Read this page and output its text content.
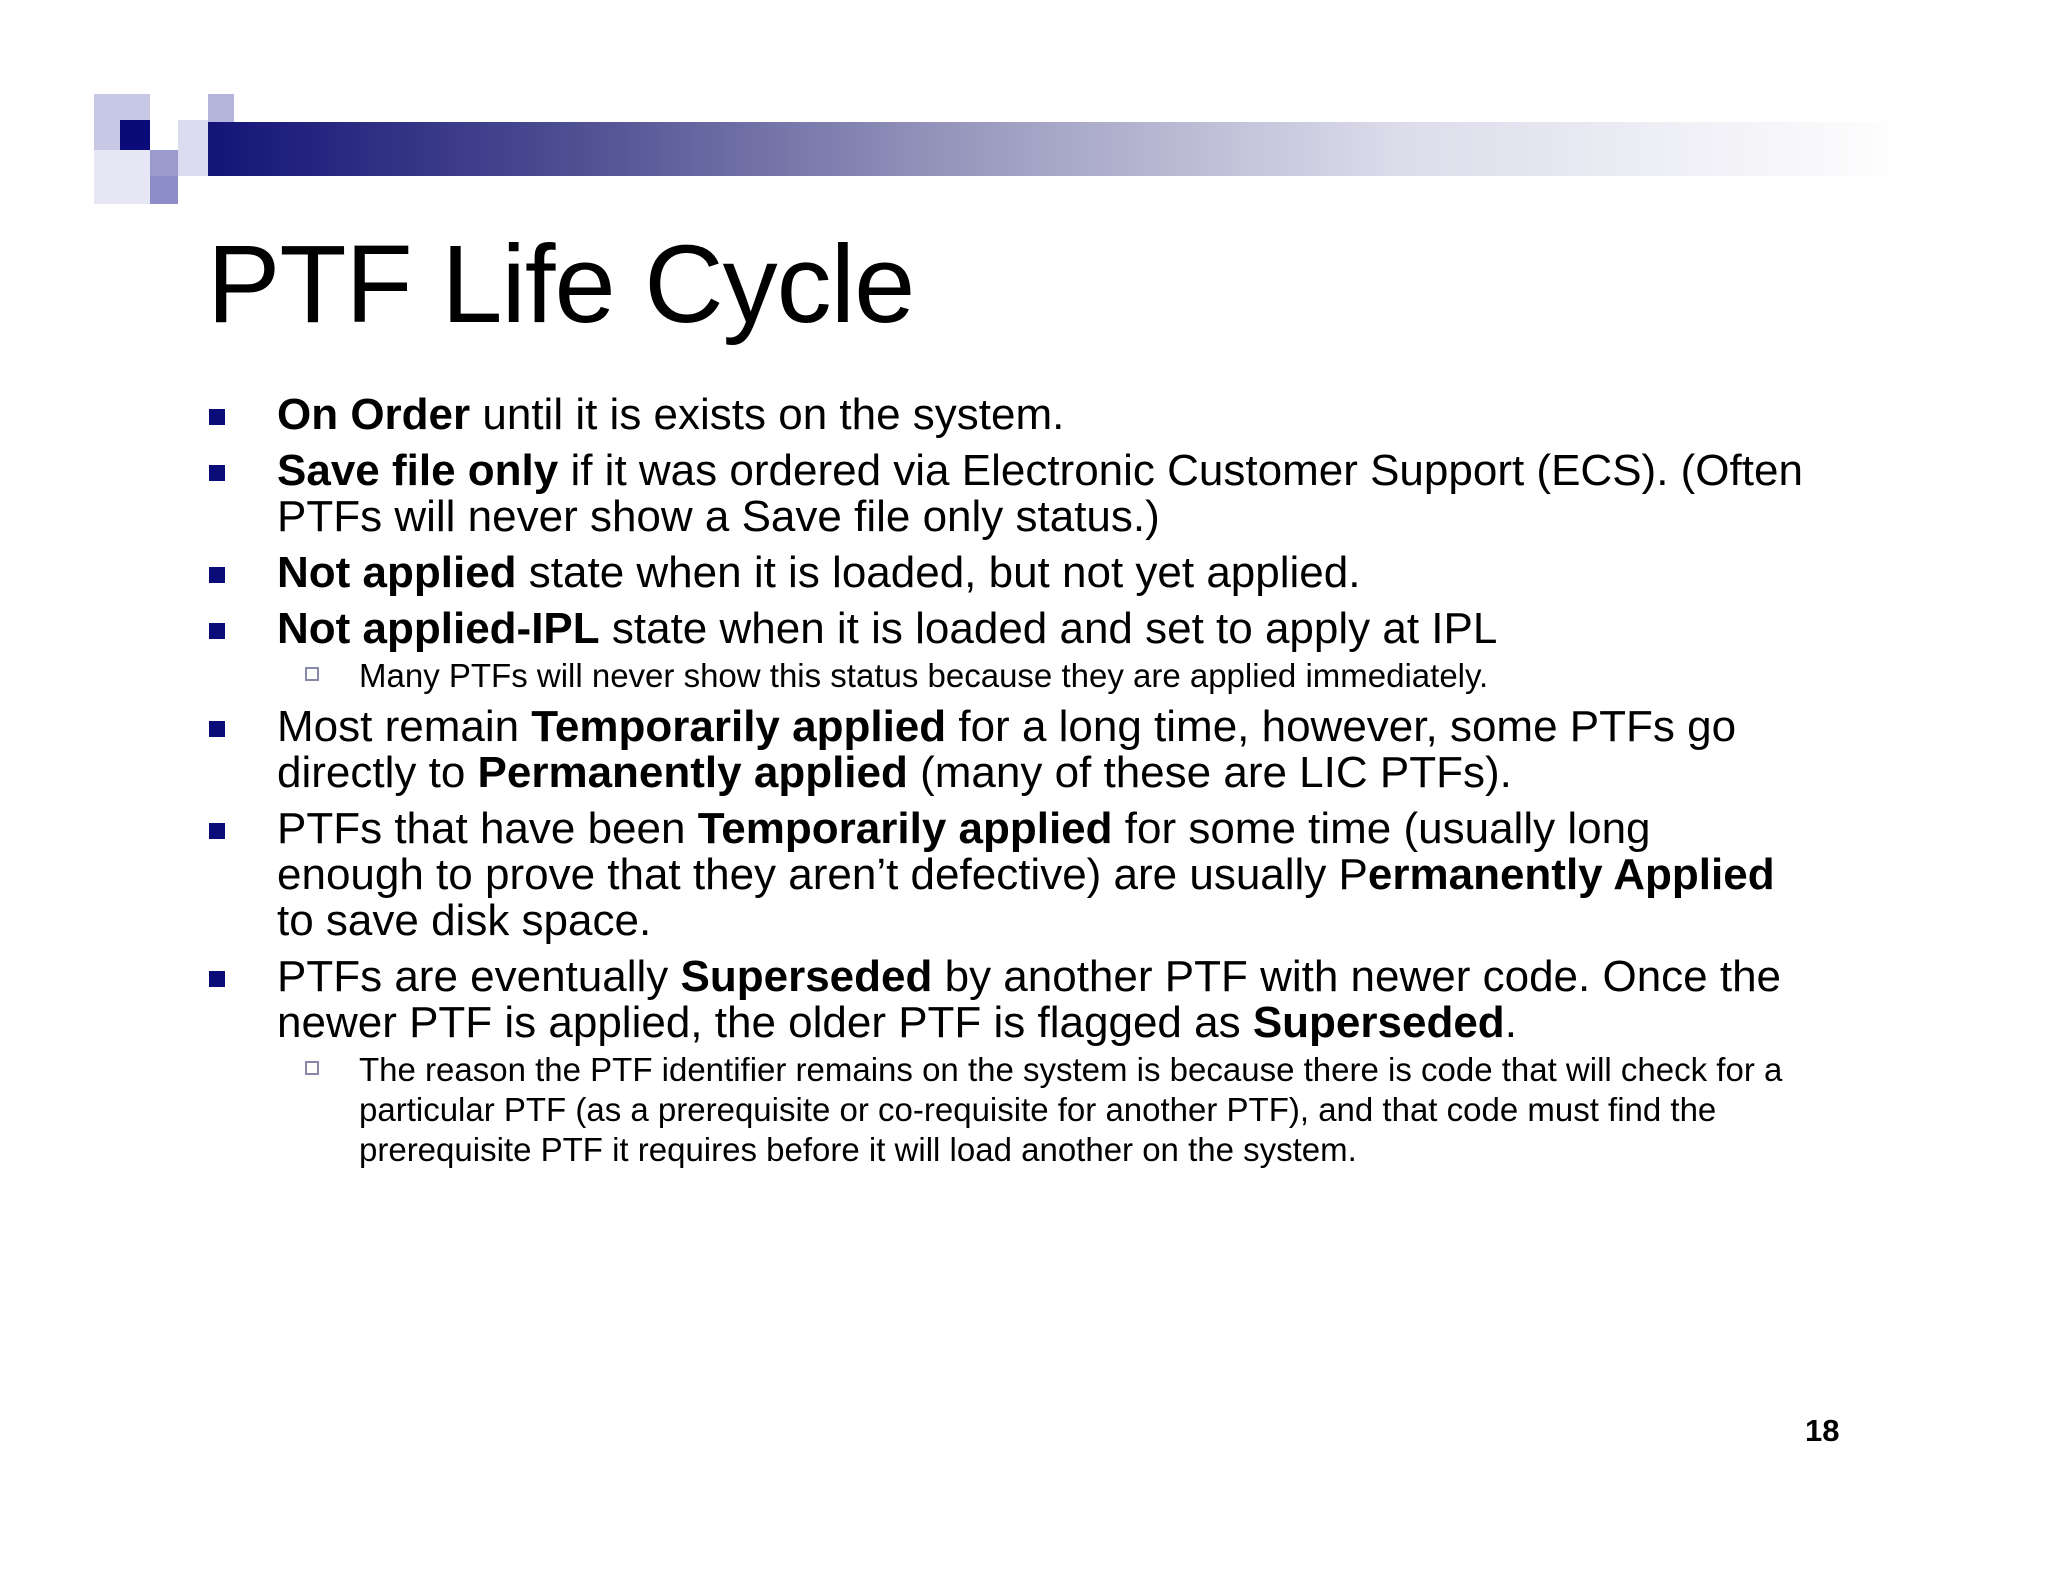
PTF Life Cycle
On Order until it is exists on the system.
Save file only if it was ordered via Electronic Customer Support (ECS). (Often PTFs will never show a Save file only status.)
Not applied state when it is loaded, but not yet applied.
Not applied-IPL state when it is loaded and set to apply at IPL
Many PTFs will never show this status because they are applied immediately.
Most remain Temporarily applied for a long time, however, some PTFs go directly to Permanently applied (many of these are LIC PTFs).
PTFs that have been Temporarily applied for some time (usually long enough to prove that they aren’t defective) are usually Permanently Applied to save disk space.
PTFs are eventually Superseded by another PTF with newer code. Once the newer PTF is applied, the older PTF is flagged as Superseded.
The reason the PTF identifier remains on the system is because there is code that will check for a particular PTF (as a prerequisite or co-requisite for another PTF), and that code must find the prerequisite PTF it requires before it will load another on the system.
18
